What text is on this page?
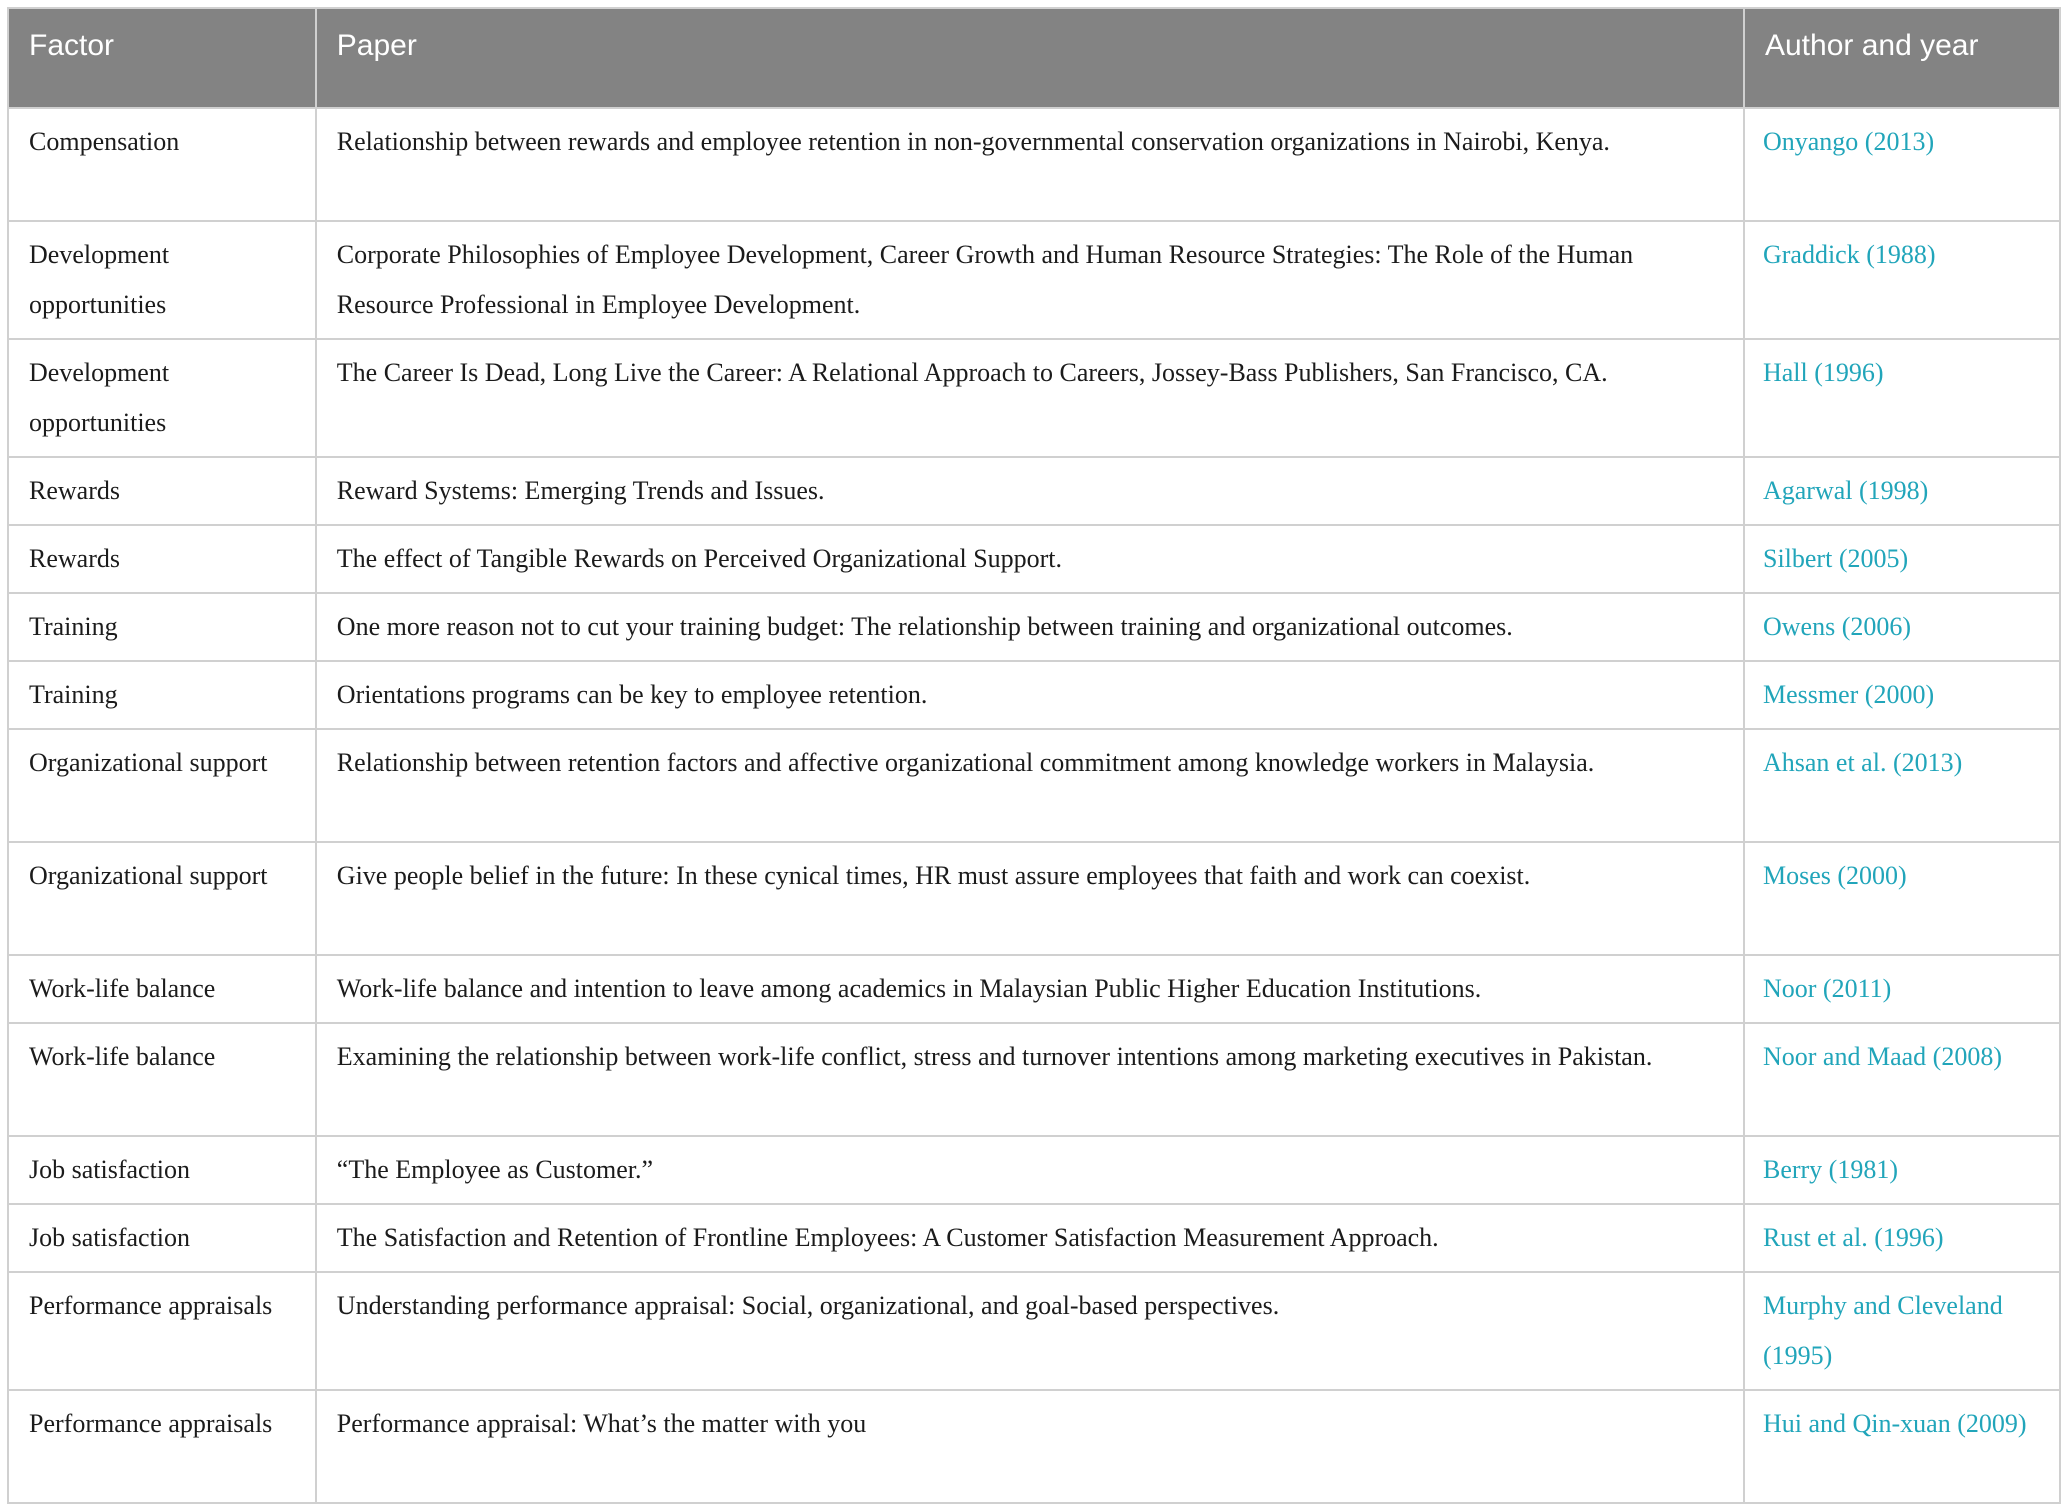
Factor	Paper	Author and year
Compensation	Relationship between rewards and employee retention in non-governmental conservation organizations in Nairobi, Kenya.	Onyango (2013)
Development opportunities	Corporate Philosophies of Employee Development, Career Growth and Human Resource Strategies: The Role of the Human Resource Professional in Employee Development.	Graddick (1988)
Development opportunities	The Career Is Dead, Long Live the Career: A Relational Approach to Careers, Jossey-Bass Publishers, San Francisco, CA.	Hall (1996)
Rewards	Reward Systems: Emerging Trends and Issues.	Agarwal (1998)
Rewards	The effect of Tangible Rewards on Perceived Organizational Support.	Silbert (2005)
Training	One more reason not to cut your training budget: The relationship between training and organizational outcomes.	Owens (2006)
Training	Orientations programs can be key to employee retention.	Messmer (2000)
Organizational support	Relationship between retention factors and affective organizational commitment among knowledge workers in Malaysia.	Ahsan et al. (2013)
Organizational support	Give people belief in the future: In these cynical times, HR must assure employees that faith and work can coexist.	Moses (2000)
Work-life balance	Work-life balance and intention to leave among academics in Malaysian Public Higher Education Institutions.	Noor (2011)
Work-life balance	Examining the relationship between work-life conflict, stress and turnover intentions among marketing executives in Pakistan.	Noor and Maad (2008)
Job satisfaction	“The Employee as Customer.”	Berry (1981)
Job satisfaction	The Satisfaction and Retention of Frontline Employees: A Customer Satisfaction Measurement Approach.	Rust et al. (1996)
Performance appraisals	Understanding performance appraisal: Social, organizational, and goal-based perspectives.	Murphy and Cleveland (1995)
Performance appraisals	Performance appraisal: What’s the matter with you	Hui and Qin-xuan (2009)
